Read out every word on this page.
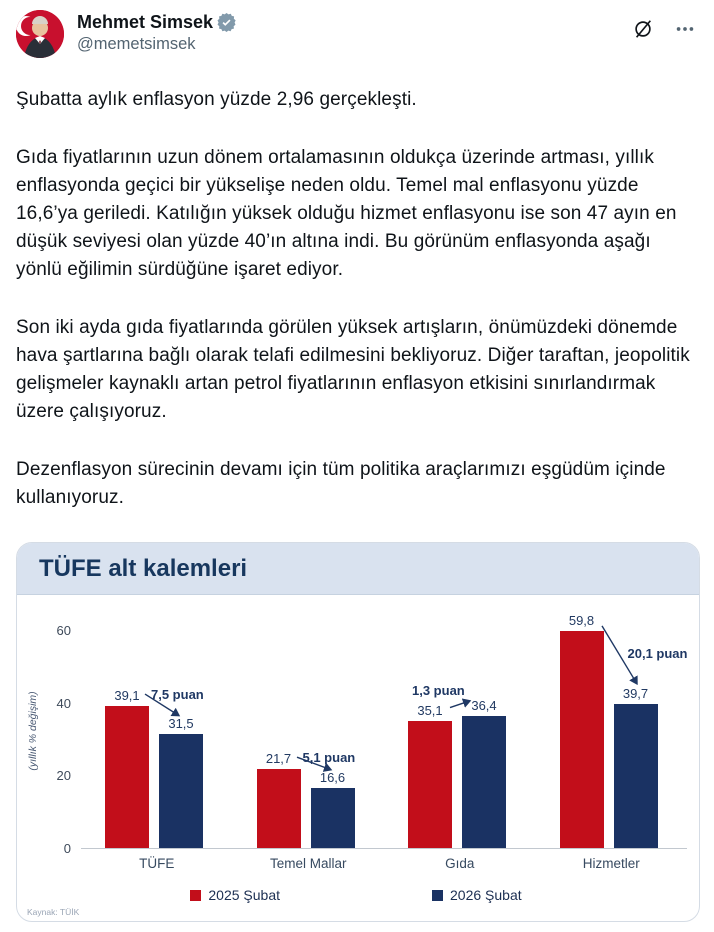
Mehmet Simsek
@memetsimsek

Şubatta aylık enflasyon yüzde 2,96 gerçekleşti.

Gıda fiyatlarının uzun dönem ortalamasının oldukça üzerinde artması, yıllık enflasyonda geçici bir yükselişe neden oldu. Temel mal enflasyonu yüzde 16,6’ya geriledi. Katılığın yüksek olduğu hizmet enflasyonu ise son 47 ayın en düşük seviyesi olan yüzde 40’ın altına indi. Bu görünüm enflasyonda aşağı yönlü eğilimin sürdüğüne işaret ediyor.

Son iki ayda gıda fiyatlarında görülen yüksek artışların, önümüzdeki dönemde hava şartlarına bağlı olarak telafi edilmesini bekliyoruz. Diğer taraftan, jeopolitik gelişmeler kaynaklı artan petrol fiyatlarının enflasyon etkisini sınırlandırmak üzere çalışıyoruz.

Dezenflasyon sürecinin devamı için tüm politika araçlarımızı eşgüdüm içinde kullanıyoruz.

TÜFE alt kalemleri
(yıllık % değişim)
0
20
40
60
39,1
31,5
7,5 puan
21,7
16,6
5,1 puan
35,1	36,4
1,3 puan
59,8
39,7
20,1 puan
TÜFE	Temel Mallar	Gıda	Hizmetler
2025 Şubat	2026 Şubat
Kaynak: TÜİK
